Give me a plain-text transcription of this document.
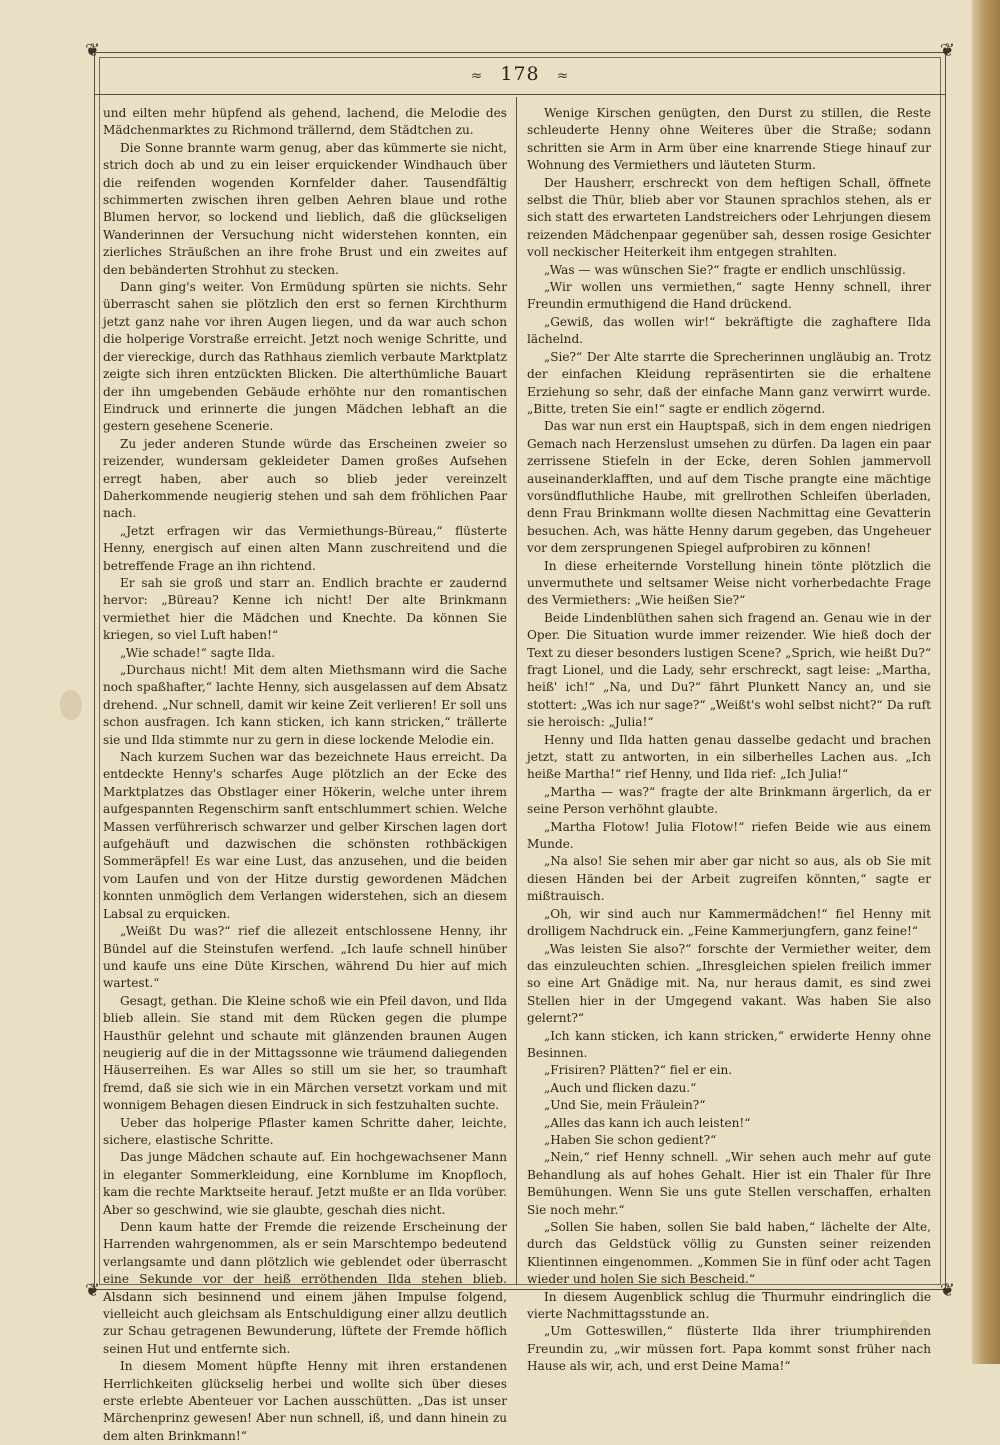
❦	❦
❦	❦
≈ 178 ≈

und eilten mehr hüpfend als gehend, lachend, die Melodie des Mädchenmarktes zu Richmond trällernd, dem Städtchen zu.

Die Sonne brannte warm genug, aber das kümmerte sie nicht, strich doch ab und zu ein leiser erquickender Windhauch über die reifenden wogenden Kornfelder daher. Tausendfältig schimmerten zwischen ihren gelben Aehren blaue und rothe Blumen hervor, so lockend und lieblich, daß die glückseligen Wanderinnen der Versuchung nicht widerstehen konnten, ein zierliches Sträußchen an ihre frohe Brust und ein zweites auf den bebänderten Strohhut zu stecken.

Dann ging's weiter. Von Ermüdung spürten sie nichts. Sehr überrascht sahen sie plötzlich den erst so fernen Kirchthurm jetzt ganz nahe vor ihren Augen liegen, und da war auch schon die holperige Vorstraße erreicht. Jetzt noch wenige Schritte, und der viereckige, durch das Rathhaus ziemlich verbaute Marktplatz zeigte sich ihren entzückten Blicken. Die alterthümliche Bauart der ihn umgebenden Gebäude erhöhte nur den romantischen Eindruck und erinnerte die jungen Mädchen lebhaft an die gestern gesehene Scenerie.

Zu jeder anderen Stunde würde das Erscheinen zweier so reizender, wundersam gekleideter Damen großes Aufsehen erregt haben, aber auch so blieb jeder vereinzelt Daherkommende neugierig stehen und sah dem fröhlichen Paar nach.

„Jetzt erfragen wir das Vermiethungs-Büreau,“ flüsterte Henny, energisch auf einen alten Mann zuschreitend und die betreffende Frage an ihn richtend.

Er sah sie groß und starr an. Endlich brachte er zaudernd hervor: „Büreau? Kenne ich nicht! Der alte Brinkmann vermiethet hier die Mädchen und Knechte. Da können Sie kriegen, so viel Luft haben!“

„Wie schade!“ sagte Ilda.

„Durchaus nicht! Mit dem alten Miethsmann wird die Sache noch spaßhafter,“ lachte Henny, sich ausgelassen auf dem Absatz drehend. „Nur schnell, damit wir keine Zeit verlieren! Er soll uns schon ausfragen. Ich kann sticken, ich kann stricken,“ trällerte sie und Ilda stimmte nur zu gern in diese lockende Melodie ein.

Nach kurzem Suchen war das bezeichnete Haus erreicht. Da entdeckte Henny's scharfes Auge plötzlich an der Ecke des Marktplatzes das Obstlager einer Hökerin, welche unter ihrem aufgespannten Regenschirm sanft entschlummert schien. Welche Massen verführerisch schwarzer und gelber Kirschen lagen dort aufgehäuft und dazwischen die schönsten rothbäckigen Sommeräpfel! Es war eine Lust, das anzusehen, und die beiden vom Laufen und von der Hitze durstig gewordenen Mädchen konnten unmöglich dem Verlangen widerstehen, sich an diesem Labsal zu erquicken.

„Weißt Du was?“ rief die allezeit entschlossene Henny, ihr Bündel auf die Steinstufen werfend. „Ich laufe schnell hinüber und kaufe uns eine Düte Kirschen, während Du hier auf mich wartest.“

Gesagt, gethan. Die Kleine schoß wie ein Pfeil davon, und Ilda blieb allein. Sie stand mit dem Rücken gegen die plumpe Hausthür gelehnt und schaute mit glänzenden braunen Augen neugierig auf die in der Mittagssonne wie träumend daliegenden Häuserreihen. Es war Alles so still um sie her, so traumhaft fremd, daß sie sich wie in ein Märchen versetzt vorkam und mit wonnigem Behagen diesen Eindruck in sich festzuhalten suchte.

Ueber das holperige Pflaster kamen Schritte daher, leichte, sichere, elastische Schritte.

Das junge Mädchen schaute auf. Ein hochgewachsener Mann in eleganter Sommerkleidung, eine Kornblume im Knopfloch, kam die rechte Marktseite herauf. Jetzt mußte er an Ilda vorüber. Aber so geschwind, wie sie glaubte, geschah dies nicht.

Denn kaum hatte der Fremde die reizende Erscheinung der Harrenden wahrgenommen, als er sein Marschtempo bedeutend verlangsamte und dann plötzlich wie geblendet oder überrascht eine Sekunde vor der heiß erröthenden Ilda stehen blieb. Alsdann sich besinnend und einem jähen Impulse folgend, vielleicht auch gleichsam als Entschuldigung einer allzu deutlich zur Schau getragenen Bewunderung, lüftete der Fremde höflich seinen Hut und entfernte sich.

In diesem Moment hüpfte Henny mit ihren erstandenen Herrlichkeiten glückselig herbei und wollte sich über dieses erste erlebte Abenteuer vor Lachen ausschütten. „Das ist unser Märchenprinz gewesen! Aber nun schnell, iß, und dann hinein zu dem alten Brinkmann!“

Wenige Kirschen genügten, den Durst zu stillen, die Reste schleuderte Henny ohne Weiteres über die Straße; sodann schritten sie Arm in Arm über eine knarrende Stiege hinauf zur Wohnung des Vermiethers und läuteten Sturm.

Der Hausherr, erschreckt von dem heftigen Schall, öffnete selbst die Thür, blieb aber vor Staunen sprachlos stehen, als er sich statt des erwarteten Landstreichers oder Lehrjungen diesem reizenden Mädchenpaar gegenüber sah, dessen rosige Gesichter voll neckischer Heiterkeit ihm entgegen strahlten.

„Was — was wünschen Sie?“ fragte er endlich unschlüssig.

„Wir wollen uns vermiethen,“ sagte Henny schnell, ihrer Freundin ermuthigend die Hand drückend.

„Gewiß, das wollen wir!“ bekräftigte die zaghaftere Ilda lächelnd.

„Sie?“ Der Alte starrte die Sprecherinnen ungläubig an. Trotz der einfachen Kleidung repräsentirten sie die erhaltene Erziehung so sehr, daß der einfache Mann ganz verwirrt wurde. „Bitte, treten Sie ein!“ sagte er endlich zögernd.

Das war nun erst ein Hauptspaß, sich in dem engen niedrigen Gemach nach Herzenslust umsehen zu dürfen. Da lagen ein paar zerrissene Stiefeln in der Ecke, deren Sohlen jammervoll auseinanderklafften, und auf dem Tische prangte eine mächtige vorsündfluthliche Haube, mit grellrothen Schleifen überladen, denn Frau Brinkmann wollte diesen Nachmittag eine Gevatterin besuchen. Ach, was hätte Henny darum gegeben, das Ungeheuer vor dem zersprungenen Spiegel aufprobiren zu können!

In diese erheiternde Vorstellung hinein tönte plötzlich die unvermuthete und seltsamer Weise nicht vorherbedachte Frage des Vermiethers: „Wie heißen Sie?“

Beide Lindenblüthen sahen sich fragend an. Genau wie in der Oper. Die Situation wurde immer reizender. Wie hieß doch der Text zu dieser besonders lustigen Scene? „Sprich, wie heißt Du?“ fragt Lionel, und die Lady, sehr erschreckt, sagt leise: „Martha, heiß' ich!“ „Na, und Du?“ fährt Plunkett Nancy an, und sie stottert: „Was ich nur sage?“ „Weißt's wohl selbst nicht?“ Da ruft sie heroisch: „Julia!“

Henny und Ilda hatten genau dasselbe gedacht und brachen jetzt, statt zu antworten, in ein silberhelles Lachen aus. „Ich heiße Martha!“ rief Henny, und Ilda rief: „Ich Julia!“

„Martha — was?“ fragte der alte Brinkmann ärgerlich, da er seine Person verhöhnt glaubte.

„Martha Flotow! Julia Flotow!“ riefen Beide wie aus einem Munde.

„Na also! Sie sehen mir aber gar nicht so aus, als ob Sie mit diesen Händen bei der Arbeit zugreifen könnten,“ sagte er mißtrauisch.

„Oh, wir sind auch nur Kammermädchen!“ fiel Henny mit drolligem Nachdruck ein. „Feine Kammerjungfern, ganz feine!“

„Was leisten Sie also?“ forschte der Vermiether weiter, dem das einzuleuchten schien. „Ihresgleichen spielen freilich immer so eine Art Gnädige mit. Na, nur heraus damit, es sind zwei Stellen hier in der Umgegend vakant. Was haben Sie also gelernt?“

„Ich kann sticken, ich kann stricken,“ erwiderte Henny ohne Besinnen.

„Frisiren? Plätten?“ fiel er ein.

„Auch und flicken dazu.“

„Und Sie, mein Fräulein?“

„Alles das kann ich auch leisten!“

„Haben Sie schon gedient?“

„Nein,“ rief Henny schnell. „Wir sehen auch mehr auf gute Behandlung als auf hohes Gehalt. Hier ist ein Thaler für Ihre Bemühungen. Wenn Sie uns gute Stellen verschaffen, erhalten Sie noch mehr.“

„Sollen Sie haben, sollen Sie bald haben,“ lächelte der Alte, durch das Geldstück völlig zu Gunsten seiner reizenden Klientinnen eingenommen. „Kommen Sie in fünf oder acht Tagen wieder und holen Sie sich Bescheid.“

In diesem Augenblick schlug die Thurmuhr eindringlich die vierte Nachmittagsstunde an.

„Um Gotteswillen,“ flüsterte Ilda ihrer triumphirenden Freundin zu, „wir müssen fort. Papa kommt sonst früher nach Hause als wir, ach, und erst Deine Mama!“
